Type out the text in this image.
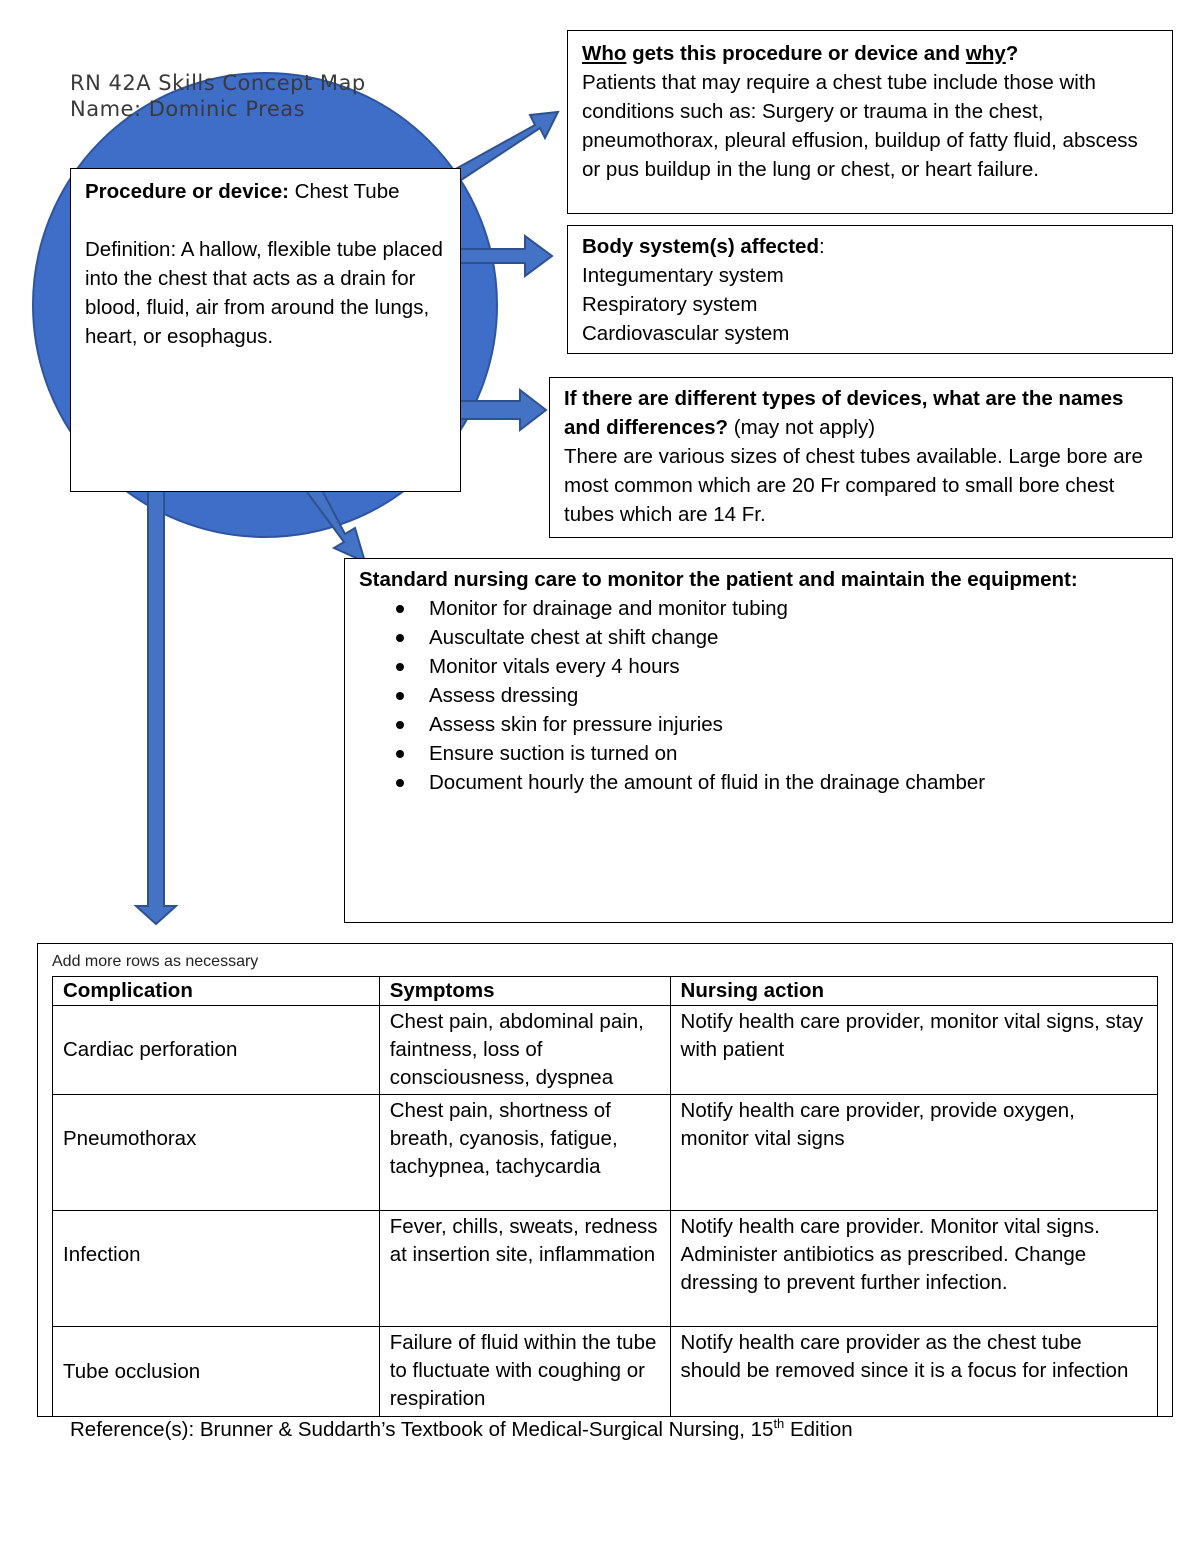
RN 42A Skills Concept Map
Name: Dominic Preas
Procedure or device: Chest Tube
Definition: A hallow, flexible tube placed into the chest that acts as a drain for blood, fluid, air from around the lungs, heart, or esophagus.
Who gets this procedure or device and why?
Patients that may require a chest tube include those with conditions such as: Surgery or trauma in the chest, pneumothorax, pleural effusion, buildup of fatty fluid, abscess or pus buildup in the lung or chest, or heart failure.
Body system(s) affected:
Integumentary system
Respiratory system
Cardiovascular system
If there are different types of devices, what are the names and differences? (may not apply)
There are various sizes of chest tubes available. Large bore are most common which are 20 Fr compared to small bore chest tubes which are 14 Fr.
Standard nursing care to monitor the patient and maintain the equipment:
Monitor for drainage and monitor tubing
Auscultate chest at shift change
Monitor vitals every 4 hours
Assess dressing
Assess skin for pressure injuries
Ensure suction is turned on
Document hourly the amount of fluid in the drainage chamber
Add more rows as necessary
Complication	Symptoms	Nursing action
Cardiac perforation	Chest pain, abdominal pain, faintness, loss of consciousness, dyspnea	Notify health care provider, monitor vital signs, stay with patient
Pneumothorax	Chest pain, shortness of breath, cyanosis, fatigue, tachypnea, tachycardia	Notify health care provider, provide oxygen, monitor vital signs
Infection	Fever, chills, sweats, redness at insertion site, inflammation	Notify health care provider. Monitor vital signs. Administer antibiotics as prescribed. Change dressing to prevent further infection.
Tube occlusion	Failure of fluid within the tube to fluctuate with coughing or respiration	Notify health care provider as the chest tube should be removed since it is a focus for infection
Reference(s): Brunner & Suddarth’s Textbook of Medical-Surgical Nursing, 15th Edition
